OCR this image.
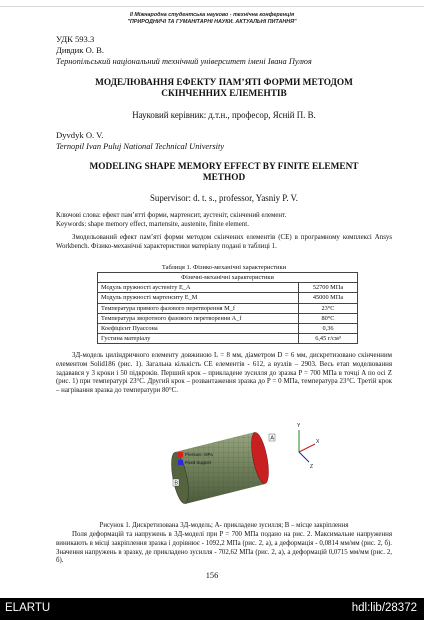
II Міжнародна студентська науково - технічна конференція
"ПРИРОДНИЧІ ТА ГУМАНІТАРНІ НАУКИ. АКТУАЛЬНІ ПИТАННЯ"
УДК 593.3
Дивдик О. В.
Тернопільський національний технічний університет імені Івана Пулюя
МОДЕЛЮВАННЯ ЕФЕКТУ ПАМ’ЯТІ ФОРМИ МЕТОДОМ
СКІНЧЕННИХ ЕЛЕМЕНТІВ
Науковий керівник: д.т.н., професор, Ясній П. В.
Dyvdyk O. V.
Ternopil Ivan Puluj National Technical University
MODELING SHAPE MEMORY EFFECT BY FINITE ELEMENT
METHOD
Supervisor: d. t. s., professor, Yasniy P. V.
Ключові слова: ефект пам’ятті форми, мартенсит, аустеніт, скінчений елемент.
Keywords: shape memory effect, martensite, austenite, finite element.
Змодельований ефект пам’яті форми методом скінчених елементів (СЕ) в програмному комплексі Ansys Workbench. Фізико-механічні характеристики матеріалу подані в таблиці 1.
Таблиця 1. Фізико-механічні характеристики
Фізичні-механічні характеристики	
Модуль пружності аустеніту E_A	52700 МПа
Модуль пружності мартенситу E_M	45000 МПа
Температура прямого фазового перетворення M_f	23°C
Температура зворотного фазового перетворення A_f	80°C
Коефіцієнт Пуассона	0,36
Густина матеріалу	6,45 г/см³
3Д-модель циліндричного елементу довжиною L = 8 мм, діаметром D = 6 мм, дискретизовано скінченним елементом Solid186 (рис. 1). Загальна кількість СЕ елементів - 612, а вузлів – 2903. Весь етап моделювання задавався у 3 кроки і 50 підкроків. Перший крок – прикладене зусилля до зразка P = 700 МПа в точці A по осі Z (рис. 1) при температурі 23°С. Другий крок – розвантаження зразка до P = 0 МПа, температура 23°С. Третій крок – нагрівання зразка до температури 80°С.
A
B
Y
X
Z
Pressure: MPa
Fixed Support
Рисунок 1. Дискретизована 3Д-модель; A- прикладене зусилля; B – місце закріплення
Поля деформацій та напружень в 3Д-моделі при P = 700 МПа подано на рис. 2. Максимальне напруження виникають в місці закріплення зразка і дорівнює - 1092,2 МПа (рис. 2, а), а деформація - 0,0814 мм/мм (рис. 2, б). Значення напружень в зразку, де прикладено зусилля - 702,62 МПа (рис. 2, а), а деформацій 0,0715 мм/мм (рис. 2, б).
156
ELARTU	hdl:lib/28372
